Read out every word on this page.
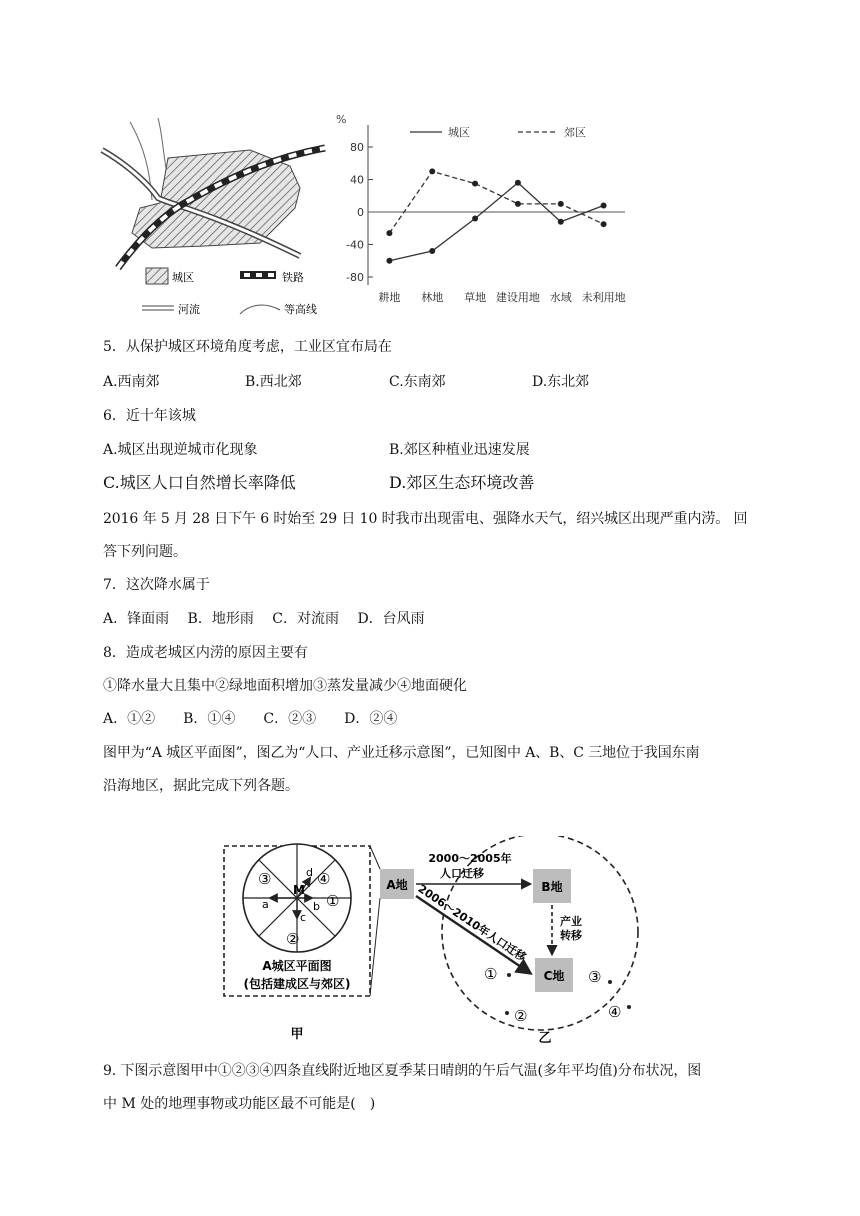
城区	铁路
河流	等高线
%
80
40
0
-40
-80
耕地 林地 草地 建设用地 水域 未利用地
城区	郊区
5．从保护城区环境角度考虑，工业区宜布局在
A.西南郊	B.西北郊	C.东南郊	D.东北郊
6．近十年该城
A.城区出现逆城市化现象	B.郊区种植业迅速发展
C.城区人口自然增长率降低	D.郊区生态环境改善
2016 年 5 月 28 日下午 6 时始至 29 日 10 时我市出现雷电、强降水天气，绍兴城区出现严重内涝。 回
答下列问题。
7．这次降水属于
A．锋面雨　 B．地形雨　 C．对流雨　 D．台风雨
8．造成老城区内涝的原因主要有
①降水量大且集中②绿地面积增加③蒸发量减少④地面硬化
A．①②　　B．①④　　C．②③　　D．②④
图甲为“A 城区平面图”，图乙为“人口、产业迁移示意图”，已知图中 A、B、C 三地位于我国东南
沿海地区，据此完成下列各题。
③	④
①
②
M
a	b
c
d
A城区平面图
(包括建成区与郊区)
A地	B地
C地
2000～2005年
人口迁移
2006～2010年人口迁移	产业
转移
①	③
②	④
甲	乙
9. 下图示意图甲中①②③④四条直线附近地区夏季某日晴朗的午后气温(多年平均值)分布状况，图
中 M 处的地理事物或功能区最不可能是(　)
